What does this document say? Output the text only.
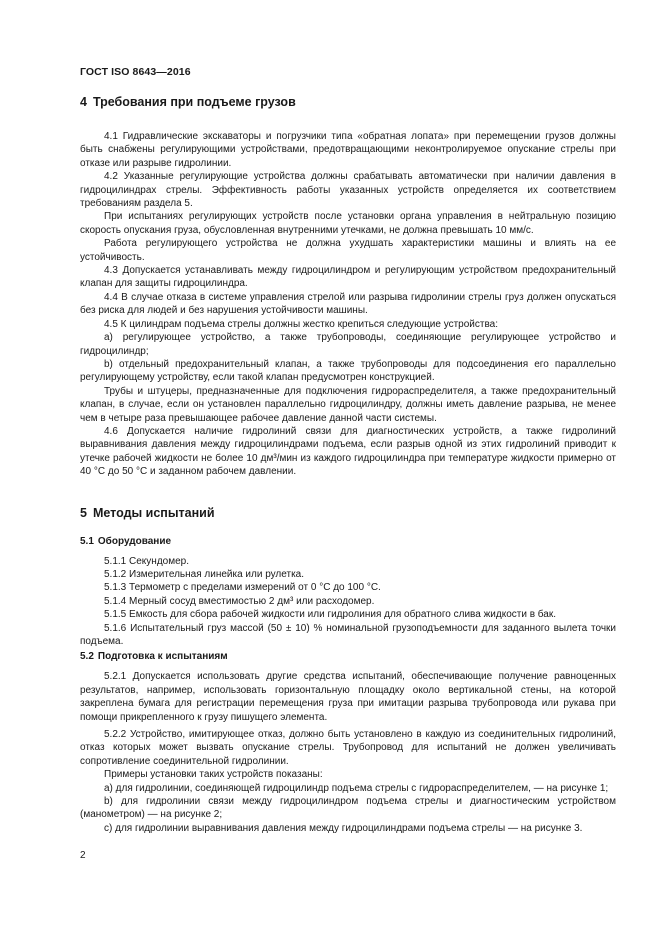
ГОСТ ISO 8643—2016
4 Требования при подъеме грузов

4.1 Гидравлические экскаваторы и погрузчики типа «обратная лопата» при перемещении грузов должны быть снабжены регулирующими устройствами, предотвращающими неконтролируемое опускание стрелы при отказе или разрыве гидролинии.

4.2 Указанные регулирующие устройства должны срабатывать автоматически при наличии давления в гидроцилиндрах стрелы. Эффективность работы указанных устройств определяется их соответствием требованиям раздела 5.

При испытаниях регулирующих устройств после установки органа управления в нейтральную позицию скорость опускания груза, обусловленная внутренними утечками, не должна превышать 10 мм/с.

Работа регулирующего устройства не должна ухудшать характеристики машины и влиять на ее устойчивость.

4.3 Допускается устанавливать между гидроцилиндром и регулирующим устройством предохранительный клапан для защиты гидроцилиндра.

4.4 В случае отказа в системе управления стрелой или разрыва гидролинии стрелы груз должен опускаться без риска для людей и без нарушения устойчивости машины.

4.5 К цилиндрам подъема стрелы должны жестко крепиться следующие устройства:

a) регулирующее устройство, а также трубопроводы, соединяющие регулирующее устройство и гидроцилиндр;

b) отдельный предохранительный клапан, а также трубопроводы для подсоединения его параллельно регулирующему устройству, если такой клапан предусмотрен конструкцией.

Трубы и штуцеры, предназначенные для подключения гидрораспределителя, а также предохранительный клапан, в случае, если он установлен параллельно гидроцилиндру, должны иметь давление разрыва, не менее чем в четыре раза превышающее рабочее давление данной части системы.

4.6 Допускается наличие гидролиний связи для диагностических устройств, а также гидролиний выравнивания давления между гидроцилиндрами подъема, если разрыв одной из этих гидролиний приводит к утечке рабочей жидкости не более 10 дм³/мин из каждого гидроцилиндра при температуре жидкости примерно от 40 °C до 50 °C и заданном рабочем давлении.

5 Методы испытаний
5.1 Оборудование

5.1.1 Секундомер.

5.1.2 Измерительная линейка или рулетка.

5.1.3 Термометр с пределами измерений от 0 °C до 100 °C.

5.1.4 Мерный сосуд вместимостью 2 дм³ или расходомер.

5.1.5 Емкость для сбора рабочей жидкости или гидролиния для обратного слива жидкости в бак.

5.1.6 Испытательный груз массой (50 ± 10) % номинальной грузоподъемности для заданного вылета точки подъема.

5.2 Подготовка к испытаниям

5.2.1 Допускается использовать другие средства испытаний, обеспечивающие получение равноценных результатов, например, использовать горизонтальную площадку около вертикальной стены, на которой закреплена бумага для регистрации перемещения груза при имитации разрыва трубопровода или рукава при помощи прикрепленного к грузу пишущего элемента.

5.2.2 Устройство, имитирующее отказ, должно быть установлено в каждую из соединительных гидролиний, отказ которых может вызвать опускание стрелы. Трубопровод для испытаний не должен увеличивать сопротивление соединительной гидролинии.

Примеры установки таких устройств показаны:

a) для гидролинии, соединяющей гидроцилиндр подъема стрелы с гидрораспределителем, — на рисунке 1;

b) для гидролинии связи между гидроцилиндром подъема стрелы и диагностическим устройством (манометром) — на рисунке 2;

c) для гидролинии выравнивания давления между гидроцилиндрами подъема стрелы — на рисунке 3.

2
